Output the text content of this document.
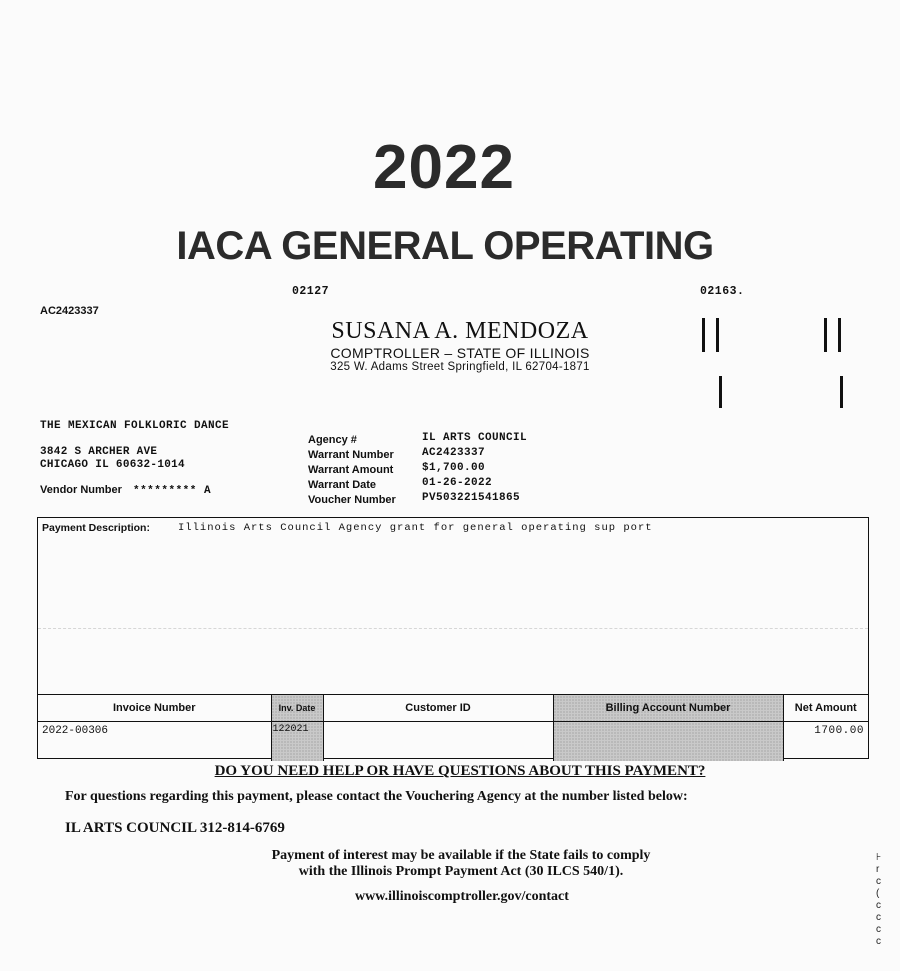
2022
IACA GENERAL OPERATING
02127	02163.
AC2423337
SUSANA A. MENDOZA
COMPTROLLER – STATE OF ILLINOIS
325 W. Adams Street Springfield, IL 62704-1871
THE MEXICAN FOLKLORIC DANCE
3842 S ARCHER AVE
CHICAGO IL 60632-1014
Vendor Number ********* A
Agency #	IL ARTS COUNCIL
Warrant Number	AC2423337
Warrant Amount	$1,700.00
Warrant Date	01-26-2022
Voucher Number	PV503221541865
Payment Description:	Illinois Arts Council Agency grant for general operating sup port
Invoice Number	Inv. Date	Customer ID	Billing Account Number	Net Amount
2022-00306	122021			1700.00
DO YOU NEED HELP OR HAVE QUESTIONS ABOUT THIS PAYMENT?
For questions regarding this payment, please contact the Vouchering Agency at the number listed below:
IL ARTS COUNCIL 312-814-6769
Payment of interest may be available if the State fails to comply
with the Illinois Prompt Payment Act (30 ILCS 540/1).
www.illinoiscomptroller.gov/contact
⊦ r c ( c c c c
